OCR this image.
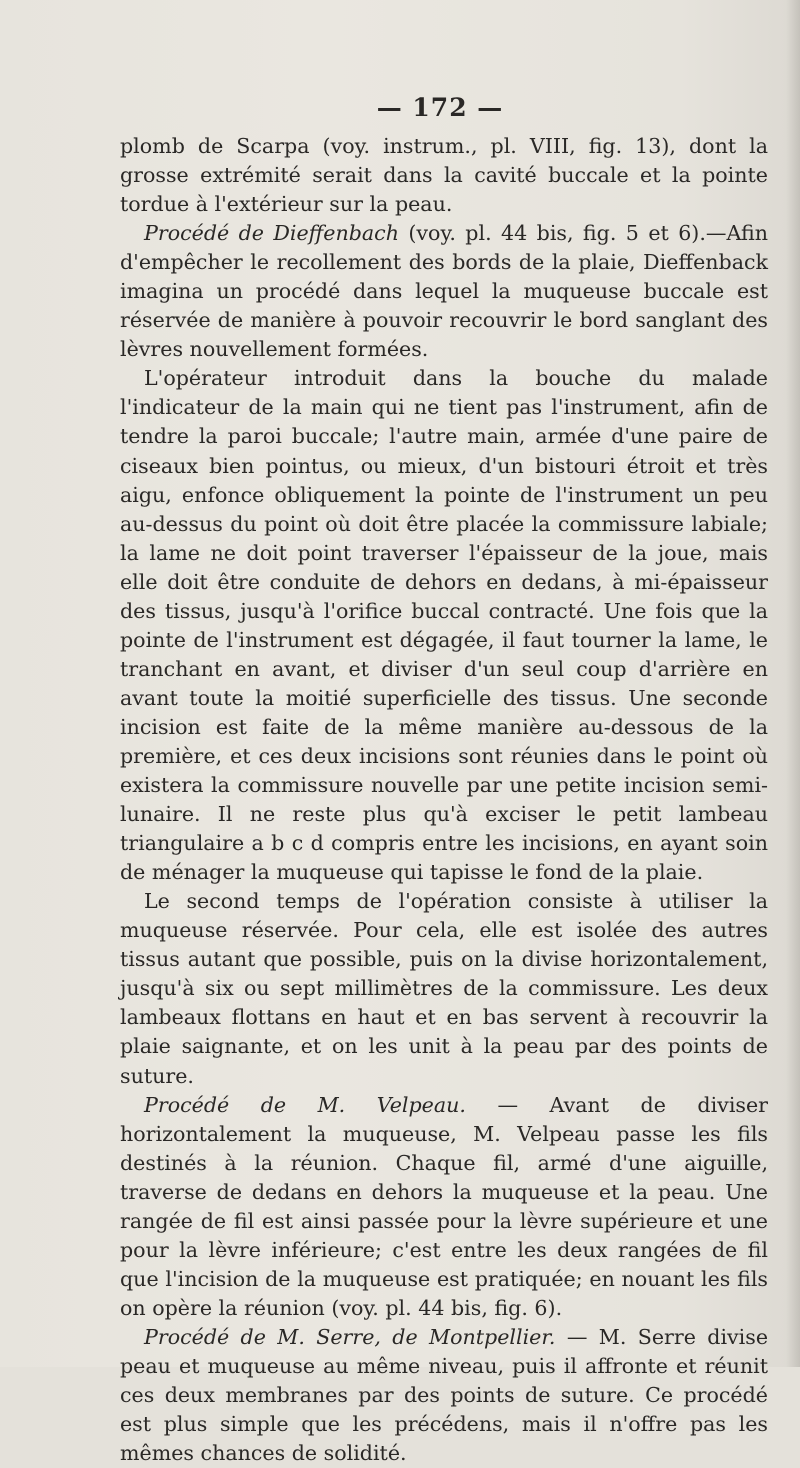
— 172 —

plomb de Scarpa (voy. instrum., pl. VIII, fig. 13), dont la grosse extrémité serait dans la cavité buccale et la pointe tordue à l'extérieur sur la peau.

Procédé de Dieffenbach (voy. pl. 44 bis, fig. 5 et 6).—Afin d'empêcher le recollement des bords de la plaie, Dieffenback imagina un procédé dans lequel la muqueuse buccale est réservée de manière à pouvoir recouvrir le bord sanglant des lèvres nouvellement formées.

L'opérateur introduit dans la bouche du malade l'indicateur de la main qui ne tient pas l'instrument, afin de tendre la paroi buccale; l'autre main, armée d'une paire de ciseaux bien pointus, ou mieux, d'un bistouri étroit et très aigu, enfonce obliquement la pointe de l'instrument un peu au-dessus du point où doit être placée la commissure labiale; la lame ne doit point traverser l'épaisseur de la joue, mais elle doit être conduite de dehors en dedans, à mi-épaisseur des tissus, jusqu'à l'orifice buccal contracté. Une fois que la pointe de l'instrument est dégagée, il faut tourner la lame, le tranchant en avant, et diviser d'un seul coup d'arrière en avant toute la moitié superficielle des tissus. Une seconde incision est faite de la même manière au-dessous de la première, et ces deux incisions sont réunies dans le point où existera la commissure nouvelle par une petite incision semi-lunaire. Il ne reste plus qu'à exciser le petit lambeau triangulaire a b c d compris entre les incisions, en ayant soin de ménager la muqueuse qui tapisse le fond de la plaie.

Le second temps de l'opération consiste à utiliser la muqueuse réservée. Pour cela, elle est isolée des autres tissus autant que possible, puis on la divise horizontalement, jusqu'à six ou sept millimètres de la commissure. Les deux lambeaux flottans en haut et en bas servent à recouvrir la plaie saignante, et on les unit à la peau par des points de suture.

Procédé de M. Velpeau. — Avant de diviser horizontalement la muqueuse, M. Velpeau passe les fils destinés à la réunion. Chaque fil, armé d'une aiguille, traverse de dedans en dehors la muqueuse et la peau. Une rangée de fil est ainsi passée pour la lèvre supérieure et une pour la lèvre inférieure; c'est entre les deux rangées de fil que l'incision de la muqueuse est pratiquée; en nouant les fils on opère la réunion (voy. pl. 44 bis, fig. 6).

Procédé de M. Serre, de Montpellier. — M. Serre divise peau et muqueuse au même niveau, puis il affronte et réunit ces deux membranes par des points de suture. Ce procédé est plus simple que les précédens, mais il n'offre pas les mêmes chances de solidité.
